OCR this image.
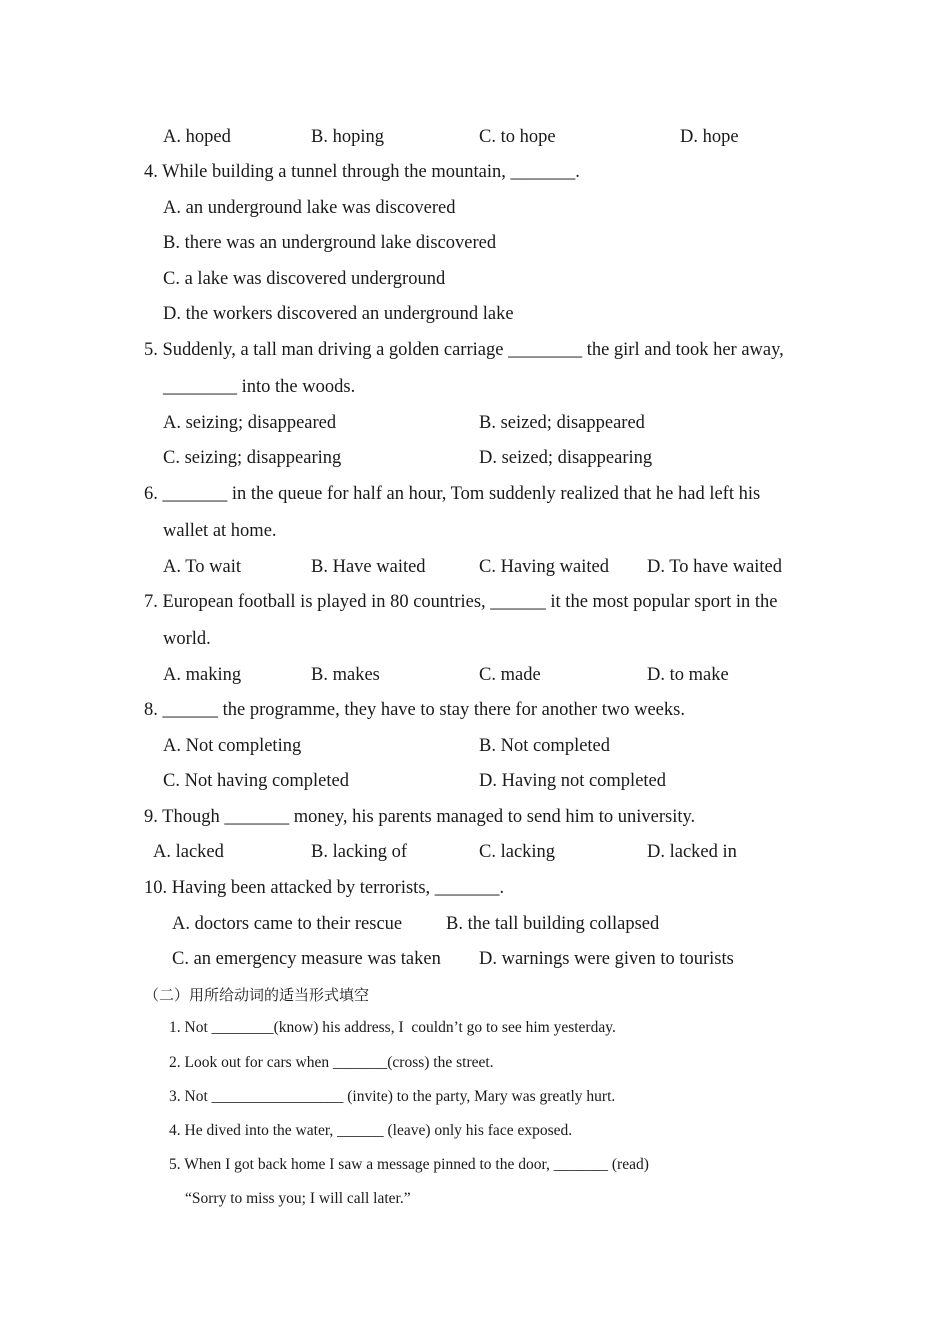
A. hoped	B. hoping	C. to hope	D. hope
4. While building a tunnel through the mountain, _______.
A. an underground lake was discovered
B. there was an underground lake discovered
C. a lake was discovered underground
D. the workers discovered an underground lake
5. Suddenly, a tall man driving a golden carriage ________ the girl and took her away,
________ into the woods.
A. seizing; disappeared	B. seized; disappeared
C. seizing; disappearing	D. seized; disappearing
6. _______ in the queue for half an hour, Tom suddenly realized that he had left his
wallet at home.
A. To wait	B. Have waited	C. Having waited D. To have waited
7. European football is played in 80 countries, ______ it the most popular sport in the
world.
A. making	B. makes	C. made	D. to make
8. ______ the programme, they have to stay there for another two weeks.
A. Not completing	B. Not completed
C. Not having completed	D. Having not completed
9. Though _______ money, his parents managed to send him to university.
A. lacked	B. lacking of	C. lacking	D. lacked in
10. Having been attacked by terrorists, _______.
A. doctors came to their rescue B. the tall building collapsed
C. an emergency measure was taken D. warnings were given to tourists
（二）用所给动词的适当形式填空
1. Not ________(know) his address, I  couldn’t go to see him yesterday.
2. Look out for cars when _______(cross) the street.
3. Not _________________ (invite) to the party, Mary was greatly hurt.
4. He dived into the water, ______ (leave) only his face exposed.
5. When I got back home I saw a message pinned to the door, _______ (read)
“Sorry to miss you; I will call later.”
